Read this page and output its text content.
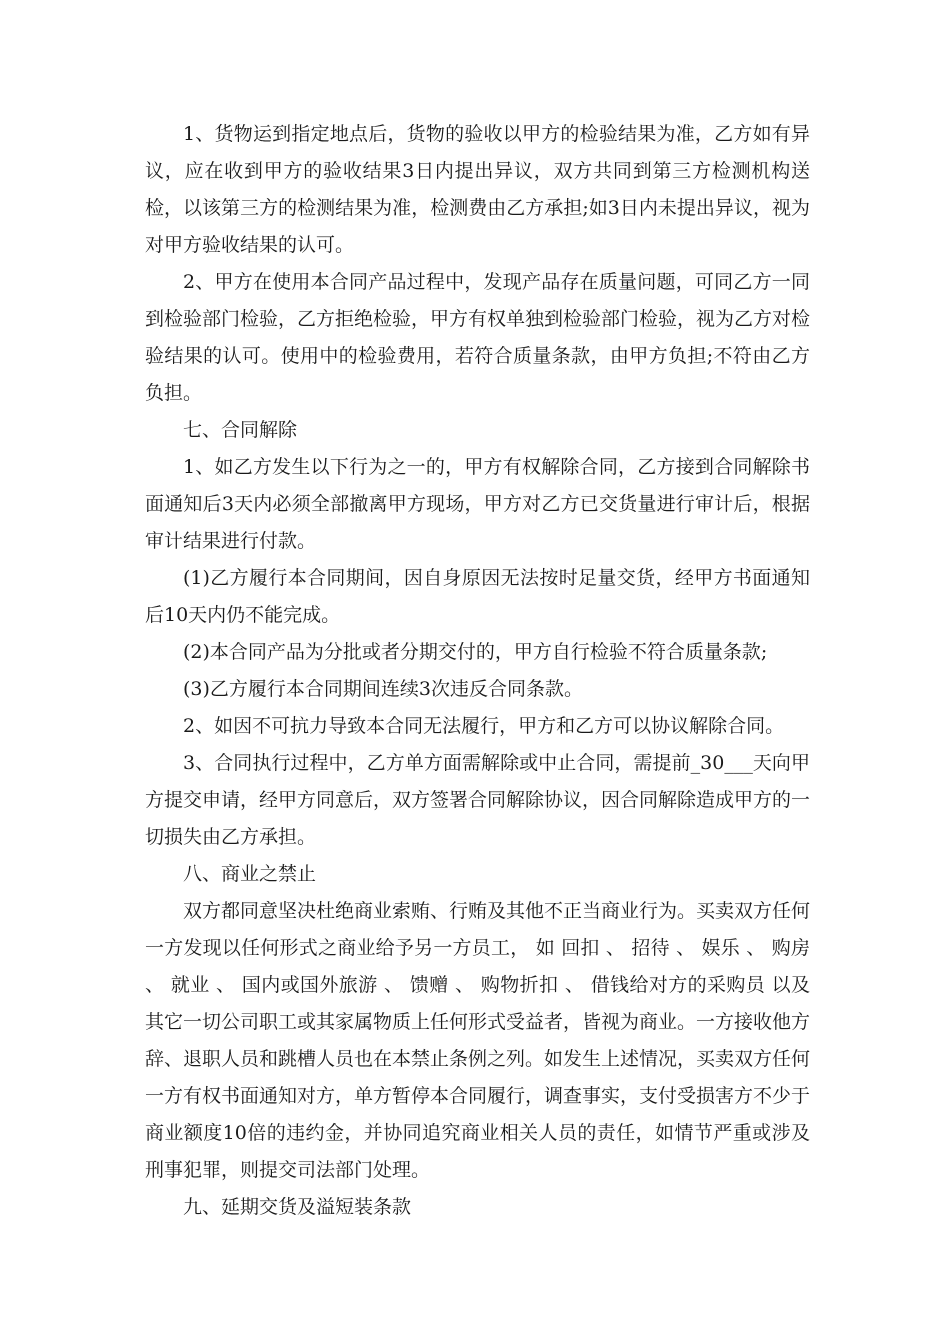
1、货物运到指定地点后，货物的验收以甲方的检验结果为准，乙方如有异议，应在收到甲方的验收结果3日内提出异议，双方共同到第三方检测机构送检，以该第三方的检测结果为准，检测费由乙方承担;如3日内未提出异议，视为对甲方验收结果的认可。

2、甲方在使用本合同产品过程中，发现产品存在质量问题，可同乙方一同到检验部门检验，乙方拒绝检验，甲方有权单独到检验部门检验，视为乙方对检验结果的认可。使用中的检验费用，若符合质量条款，由甲方负担;不符由乙方负担。

七、合同解除

1、如乙方发生以下行为之一的，甲方有权解除合同，乙方接到合同解除书面通知后3天内必须全部撤离甲方现场，甲方对乙方已交货量进行审计后，根据审计结果进行付款。

(1)乙方履行本合同期间，因自身原因无法按时足量交货，经甲方书面通知后10天内仍不能完成。

(2)本合同产品为分批或者分期交付的，甲方自行检验不符合质量条款;

(3)乙方履行本合同期间连续3次违反合同条款。

2、如因不可抗力导致本合同无法履行，甲方和乙方可以协议解除合同。

3、合同执行过程中，乙方单方面需解除或中止合同，需提前_30___天向甲方提交申请，经甲方同意后，双方签署合同解除协议，因合同解除造成甲方的一切损失由乙方承担。

八、商业之禁止

双方都同意坚决杜绝商业索贿、行贿及其他不正当商业行为。买卖双方任何一方发现以任何形式之商业给予另一方员工， 如 回扣 、 招待 、 娱乐 、 购房 、 就业 、 国内或国外旅游 、 馈赠 、 购物折扣 、 借钱给对方的采购员 以及其它一切公司职工或其家属物质上任何形式受益者，皆视为商业。一方接收他方辞、退职人员和跳槽人员也在本禁止条例之列。如发生上述情况，买卖双方任何一方有权书面通知对方，单方暂停本合同履行，调查事实，支付受损害方不少于商业额度10倍的违约金，并协同追究商业相关人员的责任，如情节严重或涉及刑事犯罪，则提交司法部门处理。

九、延期交货及溢短装条款
